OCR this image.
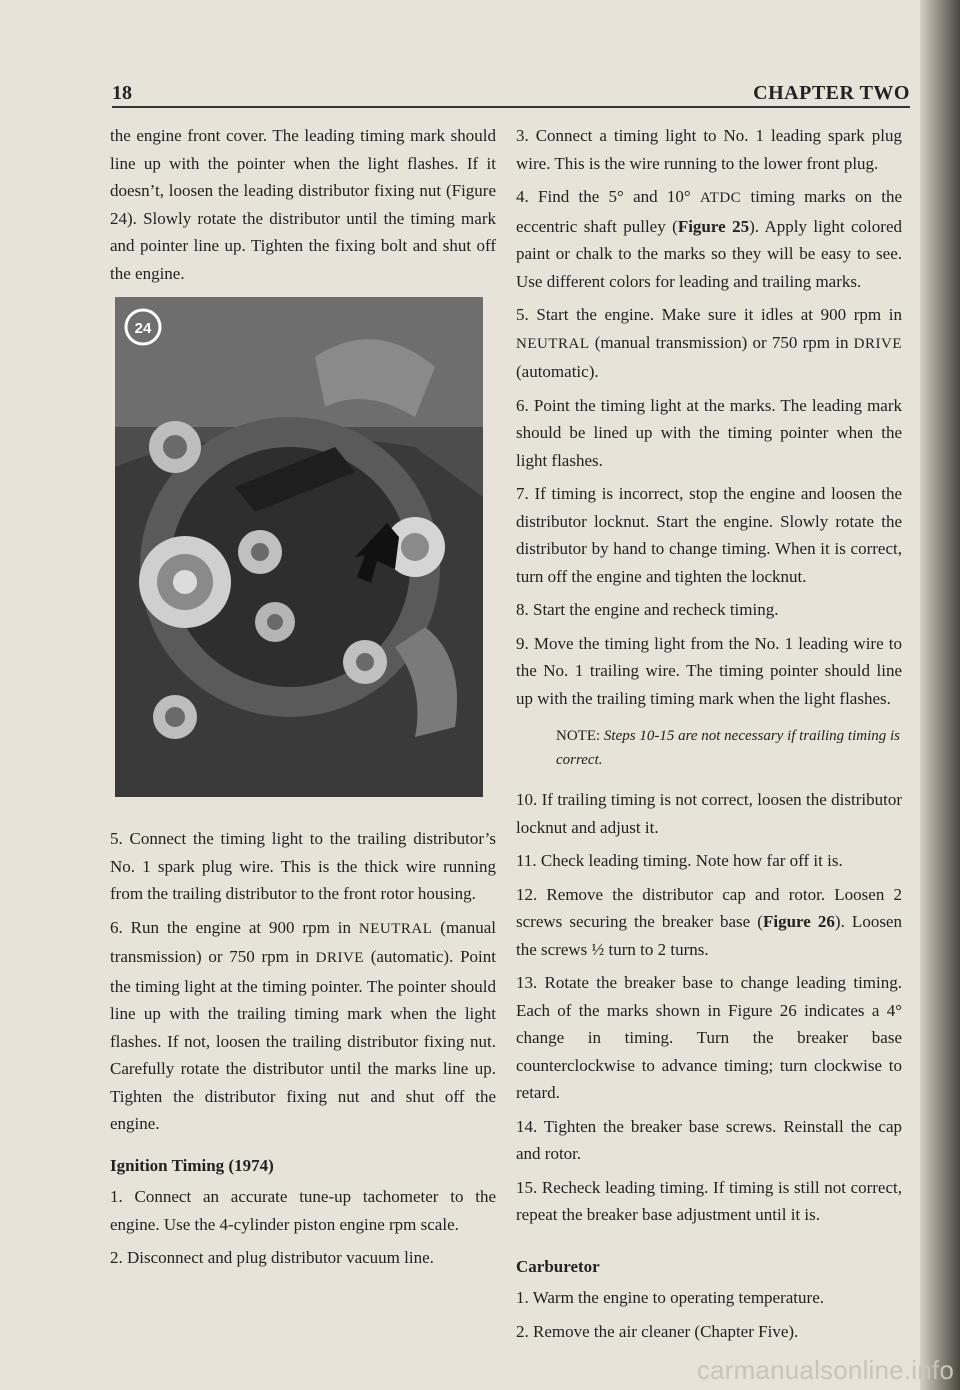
18	CHAPTER TWO

the engine front cover. The leading timing mark should line up with the pointer when the light flashes. If it doesn’t, loosen the leading distributor fixing nut (Figure 24). Slowly rotate the distributor until the timing mark and pointer line up. Tighten the fixing bolt and shut off the engine.

24

5. Connect the timing light to the trailing distributor’s No. 1 spark plug wire. This is the thick wire running from the trailing distributor to the front rotor housing.

6. Run the engine at 900 rpm in NEUTRAL (manual transmission) or 750 rpm in DRIVE (automatic). Point the timing light at the timing pointer. The pointer should line up with the trailing timing mark when the light flashes. If not, loosen the trailing distributor fixing nut. Carefully rotate the distributor until the marks line up. Tighten the distributor fixing nut and shut off the engine.

Ignition Timing (1974)

1. Connect an accurate tune-up tachometer to the engine. Use the 4-cylinder piston engine rpm scale.

2. Disconnect and plug distributor vacuum line.

3. Connect a timing light to No. 1 leading spark plug wire. This is the wire running to the lower front plug.

4. Find the 5° and 10° ATDC timing marks on the eccentric shaft pulley (Figure 25). Apply light colored paint or chalk to the marks so they will be easy to see. Use different colors for leading and trailing marks.

5. Start the engine. Make sure it idles at 900 rpm in NEUTRAL (manual transmission) or 750 rpm in DRIVE (automatic).

6. Point the timing light at the marks. The leading mark should be lined up with the timing pointer when the light flashes.

7. If timing is incorrect, stop the engine and loosen the distributor locknut. Start the engine. Slowly rotate the distributor by hand to change timing. When it is correct, turn off the engine and tighten the locknut.

8. Start the engine and recheck timing.

9. Move the timing light from the No. 1 leading wire to the No. 1 trailing wire. The timing pointer should line up with the trailing timing mark when the light flashes.

NOTE: Steps 10-15 are not necessary if trailing timing is correct.

10. If trailing timing is not correct, loosen the distributor locknut and adjust it.

11. Check leading timing. Note how far off it is.

12. Remove the distributor cap and rotor. Loosen 2 screws securing the breaker base (Figure 26). Loosen the screws ½ turn to 2 turns.

13. Rotate the breaker base to change leading timing. Each of the marks shown in Figure 26 indicates a 4° change in timing. Turn the breaker base counterclockwise to advance timing; turn clockwise to retard.

14. Tighten the breaker base screws. Reinstall the cap and rotor.

15. Recheck leading timing. If timing is still not correct, repeat the breaker base adjustment until it is.

Carburetor

1. Warm the engine to operating temperature.

2. Remove the air cleaner (Chapter Five).

carmanualsonline.info
